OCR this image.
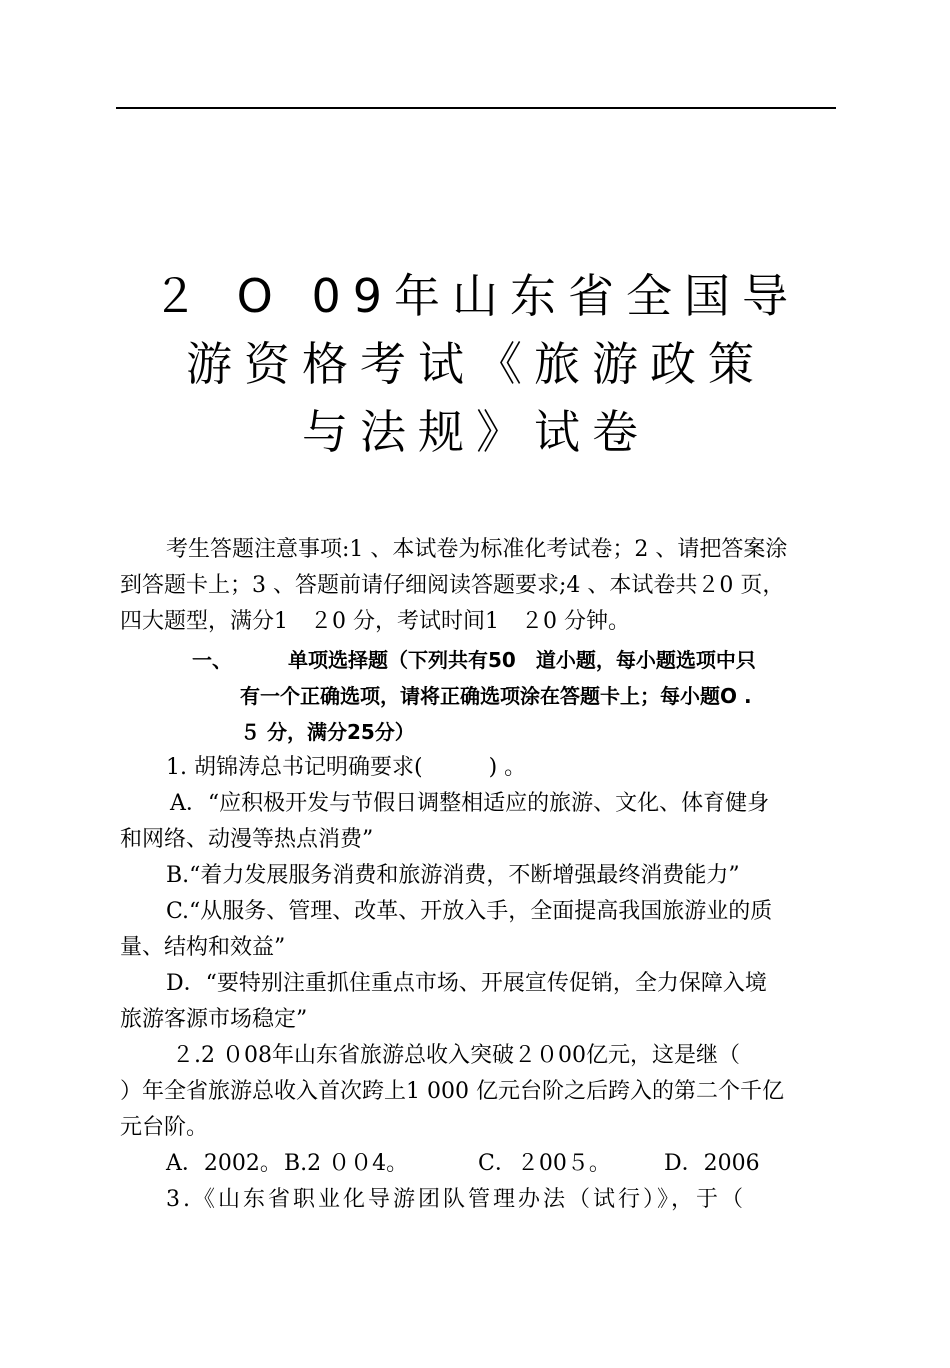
２ O 09年山东省全国导
游资格考试《旅游政策
与法规》试卷
考生答题注意事项:1 、本试卷为标准化考试卷；2 、请把答案涂
到答题卡上；3 、答题前请仔细阅读答题要求;4 、本试卷共２0 页，
四大题型，满分1　２0 分，考试时间1　２0 分钟。
一、	单项选择题（下列共有50　道小题，每小题选项中只
有一个正确选项，请将正确选项涂在答题卡上；每小题O .
５ 分，满分25分）
1. 胡锦涛总书记明确要求(　　　) 。
A．“应积极开发与节假日调整相适应的旅游、文化、体育健身
和网络、动漫等热点消费”
B.“着力发展服务消费和旅游消费，不断增强最终消费能力”
C.“从服务、管理、改革、开放入手，全面提高我国旅游业的质
量、结构和效益”
D．“要特别注重抓住重点市场、开展宣传促销，全力保障入境
旅游客源市场稳定”
２.2 ０08年山东省旅游总收入突破２０00亿元，这是继（
）年全省旅游总收入首次跨上1 000 亿元台阶之后跨入的第二个千亿
元台阶。
A．2002。 B.2 ００4。	C．２00５。 D．2006
3.《山东省职业化导游团队管理办法（试行）》，于（
